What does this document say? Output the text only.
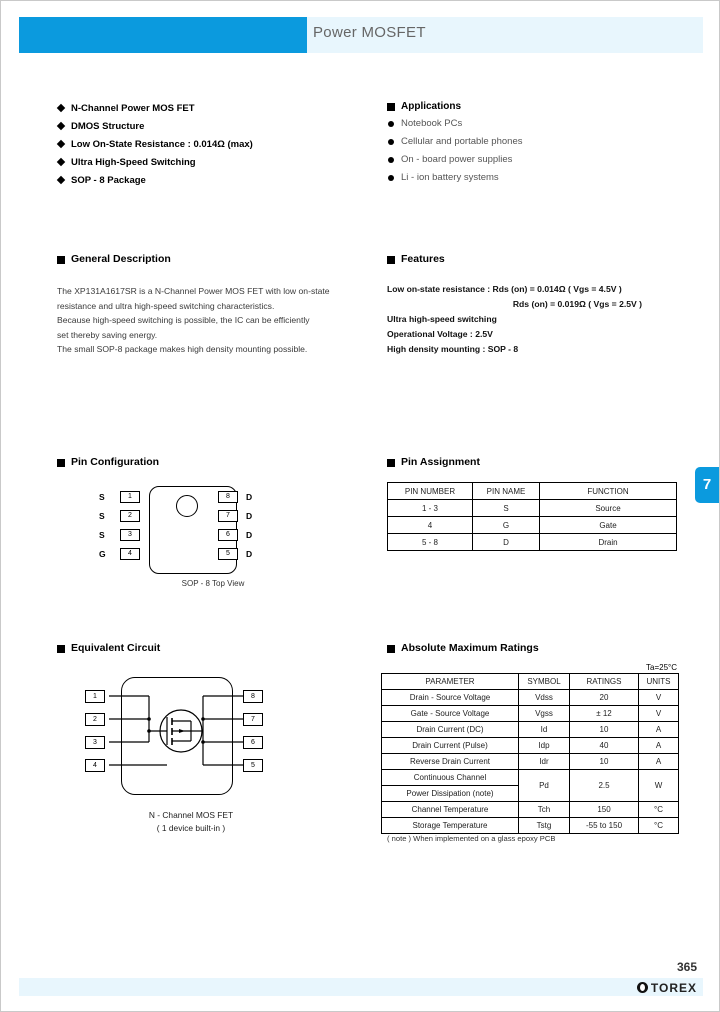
Power MOSFET
N-Channel Power MOS FET
DMOS Structure
Low On-State Resistance : 0.014Ω (max)
Ultra High-Speed Switching
SOP - 8 Package
Applications
Notebook PCs
Cellular and portable phones
On - board power supplies
Li - ion battery systems
General Description
The XP131A1617SR is a N-Channel Power MOS FET with low on-state
resistance and ultra high-speed switching characteristics.
Because high-speed switching is possible, the IC can be efficiently
set thereby saving energy.
The small SOP-8 package makes high density mounting possible.
Features
Low on-state resistance : Rds (on) = 0.014Ω ( Vgs = 4.5V )
Rds (on) = 0.019Ω ( Vgs = 2.5V )
Ultra high-speed switching
Operational Voltage : 2.5V
High density mounting : SOP - 8
Pin Configuration
S
S
S
G
1
2
3
4
8
7
6
5
D
D
D
D
SOP - 8 Top View
Pin Assignment
PIN NUMBER	PIN NAME	FUNCTION
1 - 3	S	Source
4	G	Gate
5 - 8	D	Drain
Equivalent Circuit
1
2
3
4
8
7
6
5
N - Channel MOS FET
( 1 device built-in )
Absolute Maximum Ratings
Ta=25°C
PARAMETER	SYMBOL	RATINGS	UNITS
Drain - Source Voltage	Vdss	20	V
Gate - Source Voltage	Vgss	± 12	V
Drain Current (DC)	Id	10	A
Drain Current (Pulse)	Idp	40	A
Reverse Drain Current	Idr	10	A
Continuous Channel	Pd	2.5	W
Power Dissipation (note)			
Channel Temperature	Tch	150	°C
Storage Temperature	Tstg	-55 to 150	°C
( note ) When implemented on a glass epoxy PCB
7
365
TOREX
